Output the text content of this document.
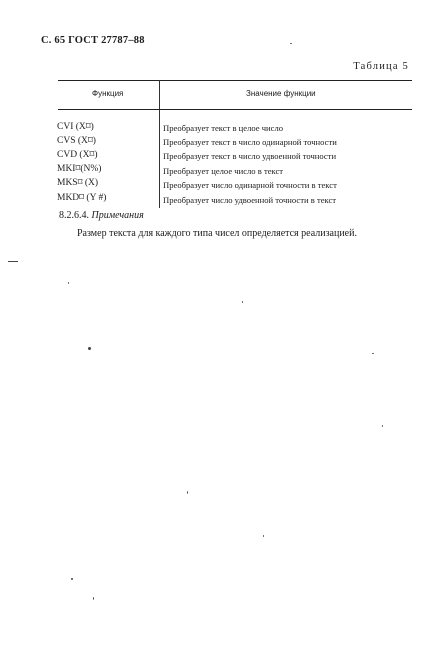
С. 65 ГОСТ 27787–88
Таблица 5
Функция	Значение функции
CVI (X⌑)	Преобразует текст в целое число
CVS (X⌑)	Преобразует текст в число одинарной точности
CVD (X⌑)	Преобразует текст в число удвоенной точности
MKI⌑(N%)	Преобразует целое число в текст
MKS⌑ (X)	Преобразует число одинарной точности в текст
MKD⌑ (Y #)	Преобразует число удвоенной точности в текст
8.2.6.4. Примечания
Размер текста для каждого типа чисел определяется реализацией.
